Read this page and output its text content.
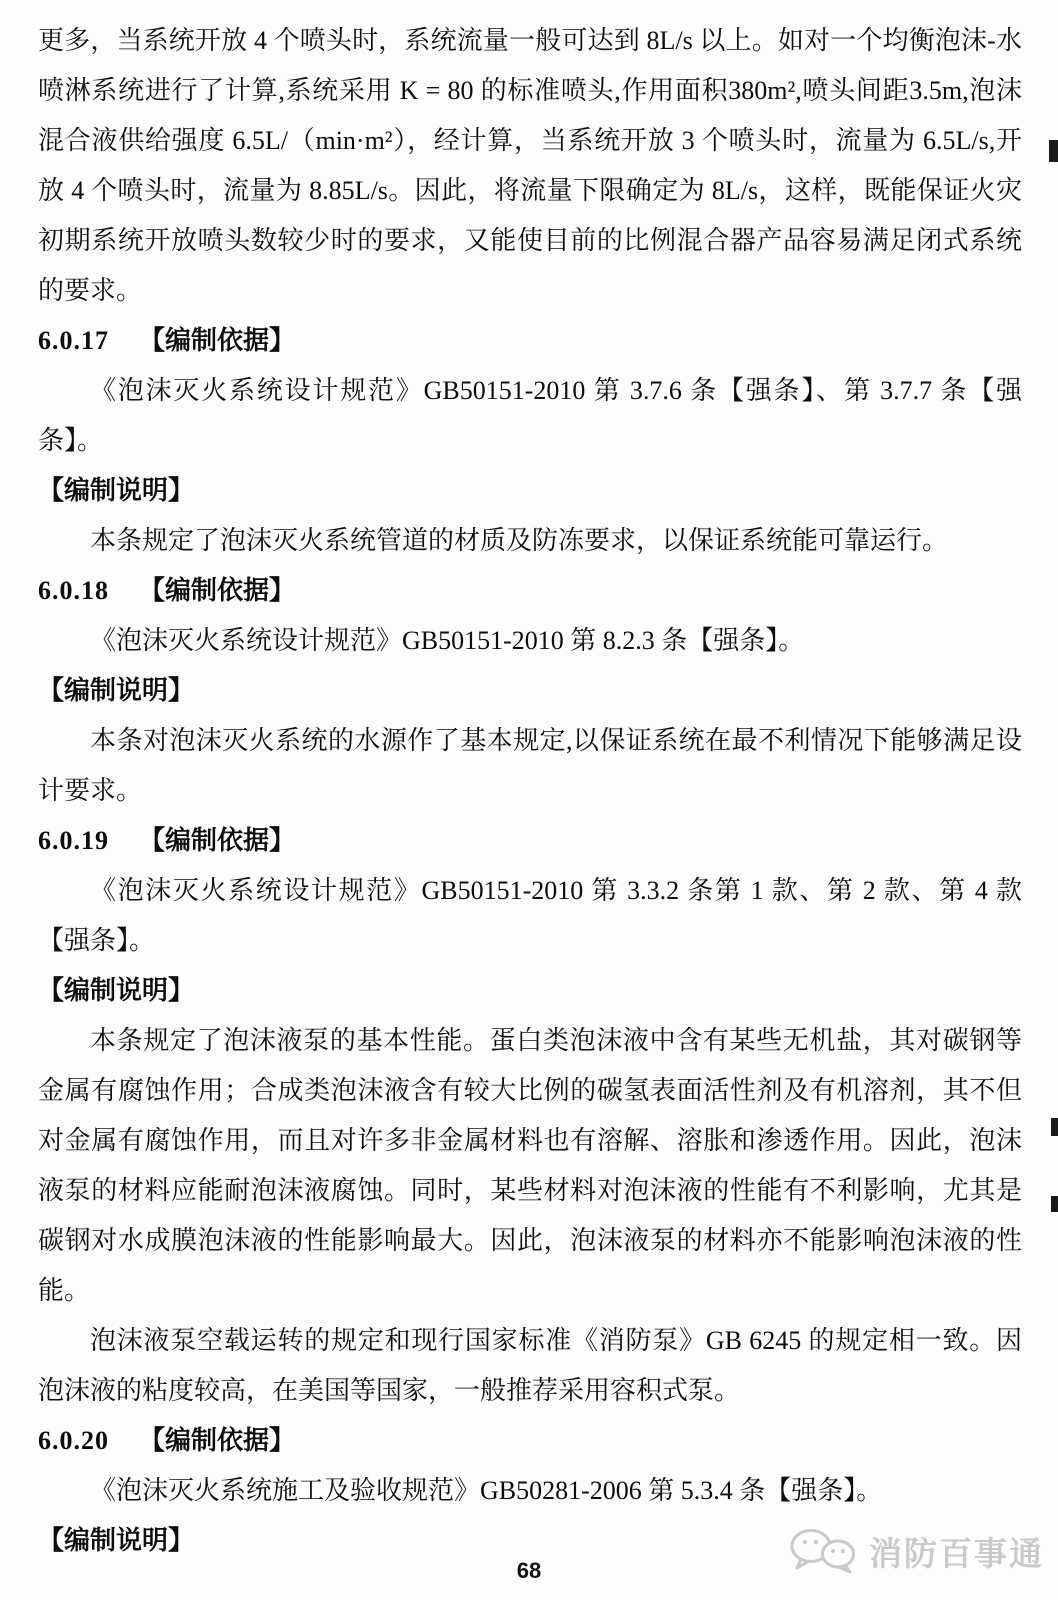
更多，当系统开放 4 个喷头时，系统流量一般可达到 8L/s 以上。如对一个均衡泡沫-水喷淋系统进行了计算,系统采用 K = 80 的标准喷头,作用面积380m²,喷头间距3.5m,泡沫混合液供给强度 6.5L/（min·m²），经计算，当系统开放 3 个喷头时，流量为 6.5L/s,开放 4 个喷头时，流量为 8.85L/s。因此，将流量下限确定为 8L/s，这样，既能保证火灾初期系统开放喷头数较少时的要求，又能使目前的比例混合器产品容易满足闭式系统的要求。

6.0.17 【编制依据】

《泡沫灭火系统设计规范》GB50151-2010 第 3.7.6 条【强条】、第 3.7.7 条【强条】。

【编制说明】

本条规定了泡沫灭火系统管道的材质及防冻要求，以保证系统能可靠运行。

6.0.18 【编制依据】

《泡沫灭火系统设计规范》GB50151-2010 第 8.2.3 条【强条】。

【编制说明】

本条对泡沫灭火系统的水源作了基本规定,以保证系统在最不利情况下能够满足设计要求。

6.0.19 【编制依据】

《泡沫灭火系统设计规范》GB50151-2010 第 3.3.2 条第 1 款、第 2 款、第 4 款【强条】。

【编制说明】

本条规定了泡沫液泵的基本性能。蛋白类泡沫液中含有某些无机盐，其对碳钢等金属有腐蚀作用；合成类泡沫液含有较大比例的碳氢表面活性剂及有机溶剂，其不但对金属有腐蚀作用，而且对许多非金属材料也有溶解、溶胀和渗透作用。因此，泡沫液泵的材料应能耐泡沫液腐蚀。同时，某些材料对泡沫液的性能有不利影响，尤其是碳钢对水成膜泡沫液的性能影响最大。因此，泡沫液泵的材料亦不能影响泡沫液的性能。

泡沫液泵空载运转的规定和现行国家标准《消防泵》GB 6245 的规定相一致。因泡沫液的粘度较高，在美国等国家，一般推荐采用容积式泵。

6.0.20 【编制依据】

《泡沫灭火系统施工及验收规范》GB50281-2006 第 5.3.4 条【强条】。

【编制说明】

68	消防百事通
